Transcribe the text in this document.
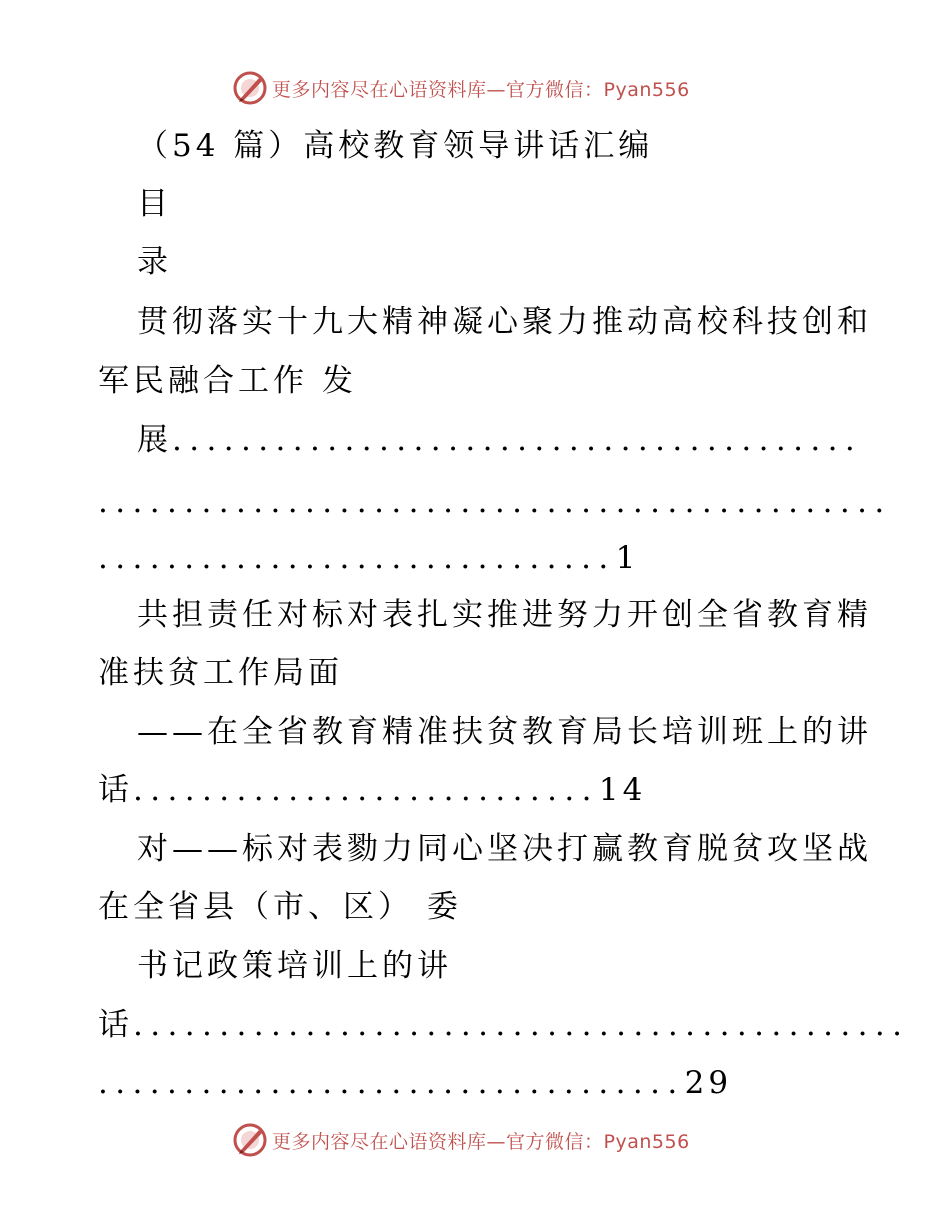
更多内容尽在心语资料库—官方微信：Pyan556
（54 篇）高校教育领导讲话汇编
目
录
贯彻落实十九大精神凝心聚力推动高校科技创和
军民融合工作 发
展........................................
..............................................
..............................1
共担责任对标对表扎实推进努力开创全省教育精
准扶贫工作局面
——在全省教育精准扶贫教育局长培训班上的讲
话...........................14
对——标对表勠力同心坚决打赢教育脱贫攻坚战
在全省县（市、区） 委
书记政策培训上的讲
话.............................................
..................................29
更多内容尽在心语资料库—官方微信：Pyan556
